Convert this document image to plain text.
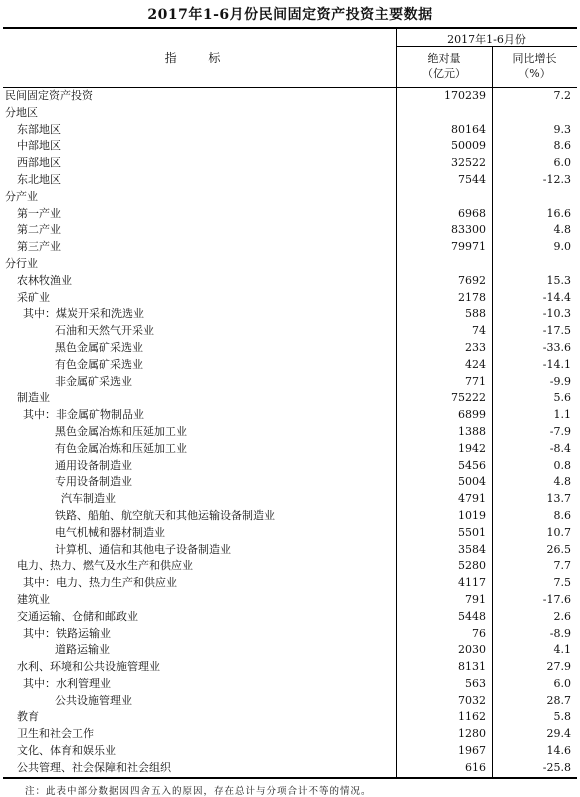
2017年1-6月份民间固定资产投资主要数据
指 标
2017年1-6月份
绝对量
（亿元）
同比增长
（%）
民间固定资产投资	170239	7.2
分地区
东部地区	80164	9.3
中部地区	50009	8.6
西部地区	32522	6.0
东北地区	7544	-12.3
分产业
第一产业	6968	16.6
第二产业	83300	4.8
第三产业	79971	9.0
分行业
农林牧渔业	7692	15.3
采矿业	2178	-14.4
其中：煤炭开采和洗选业	588	-10.3
石油和天然气开采业	74	-17.5
黑色金属矿采选业	233	-33.6
有色金属矿采选业	424	-14.1
非金属矿采选业	771	-9.9
制造业	75222	5.6
其中：非金属矿物制品业	6899	1.1
黑色金属冶炼和压延加工业	1388	-7.9
有色金属冶炼和压延加工业	1942	-8.4
通用设备制造业	5456	0.8
专用设备制造业	5004	4.8
汽车制造业	4791	13.7
铁路、船舶、航空航天和其他运输设备制造业	1019	8.6
电气机械和器材制造业	5501	10.7
计算机、通信和其他电子设备制造业	3584	26.5
电力、热力、燃气及水生产和供应业	5280	7.7
其中：电力、热力生产和供应业	4117	7.5
建筑业	791	-17.6
交通运输、仓储和邮政业	5448	2.6
其中：铁路运输业	76	-8.9
道路运输业	2030	4.1
水利、环境和公共设施管理业	8131	27.9
其中：水利管理业	563	6.0
公共设施管理业	7032	28.7
教育	1162	5.8
卫生和社会工作	1280	29.4
文化、体育和娱乐业	1967	14.6
公共管理、社会保障和社会组织	616	-25.8
注：此表中部分数据因四舍五入的原因，存在总计与分项合计不等的情况。
